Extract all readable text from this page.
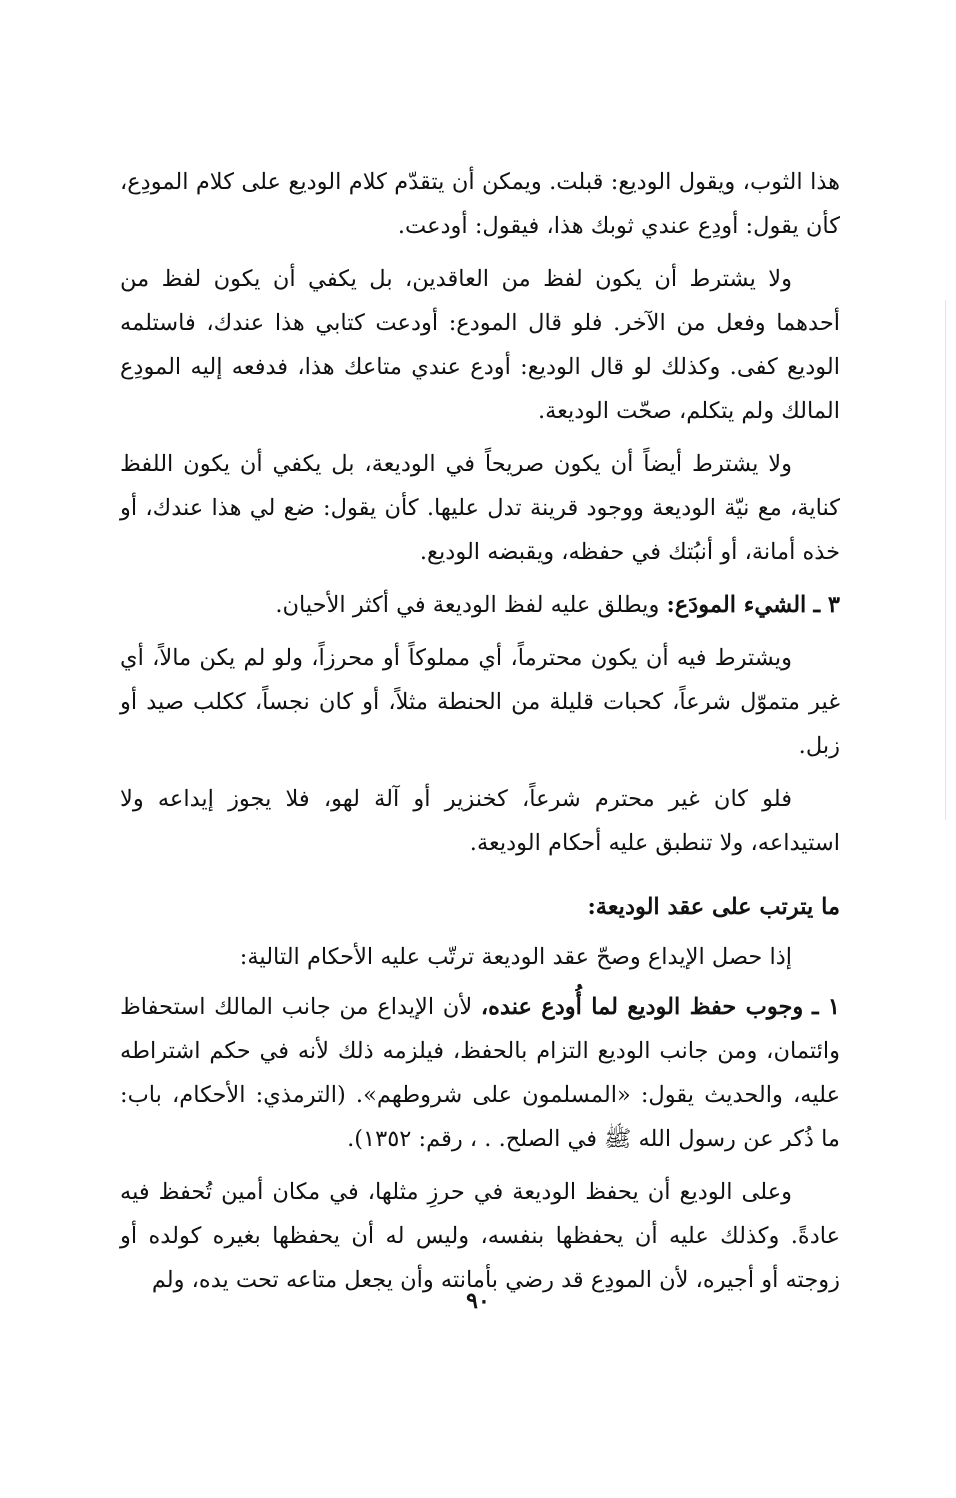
هذا الثوب، ويقول الوديع: قبلت. ويمكن أن يتقدّم كلام الوديع على كلام المودِع، كأن يقول: أودِع عندي ثوبك هذا، فيقول: أودعت.

ولا يشترط أن يكون لفظ من العاقدين، بل يكفي أن يكون لفظ من أحدهما وفعل من الآخر. فلو قال المودع: أودعت كتابي هذا عندك، فاستلمه الوديع كفى. وكذلك لو قال الوديع: أودع عندي متاعك هذا، فدفعه إليه المودِع المالك ولم يتكلم، صحّت الوديعة.

ولا يشترط أيضاً أن يكون صريحاً في الوديعة، بل يكفي أن يكون اللفظ كناية، مع نيّة الوديعة ووجود قرينة تدل عليها. كأن يقول: ضع لي هذا عندك، أو خذه أمانة، أو أنبُتك في حفظه، ويقبضه الوديع.

٣ ـ الشيء المودَع: ويطلق عليه لفظ الوديعة في أكثر الأحيان.

ويشترط فيه أن يكون محترماً، أي مملوكاً أو محرزاً، ولو لم يكن مالاً، أي غير متموّل شرعاً، كحبات قليلة من الحنطة مثلاً، أو كان نجساً، ككلب صيد أو زبل.

فلو كان غير محترم شرعاً، كخنزير أو آلة لهو، فلا يجوز إيداعه ولا استيداعه، ولا تنطبق عليه أحكام الوديعة.

ما يترتب على عقد الوديعة:

إذا حصل الإيداع وصحّ عقد الوديعة ترتّب عليه الأحكام التالية:

١ ـ وجوب حفظ الوديع لما أُودع عنده، لأن الإيداع من جانب المالك استحفاظ وائتمان، ومن جانب الوديع التزام بالحفظ، فيلزمه ذلك لأنه في حكم اشتراطه عليه، والحديث يقول: «المسلمون على شروطهم». (الترمذي: الأحكام، باب: ما ذُكر عن رسول الله ﷺ في الصلح. . ، رقم: ١٣٥٢).

وعلى الوديع أن يحفظ الوديعة في حرزِ مثلها، في مكان أمين تُحفظ فيه عادةً. وكذلك عليه أن يحفظها بنفسه، وليس له أن يحفظها بغيره كولده أو زوجته أو أجيره، لأن المودِع قد رضي بأمانته وأن يجعل متاعه تحت يده، ولم

٩٠
